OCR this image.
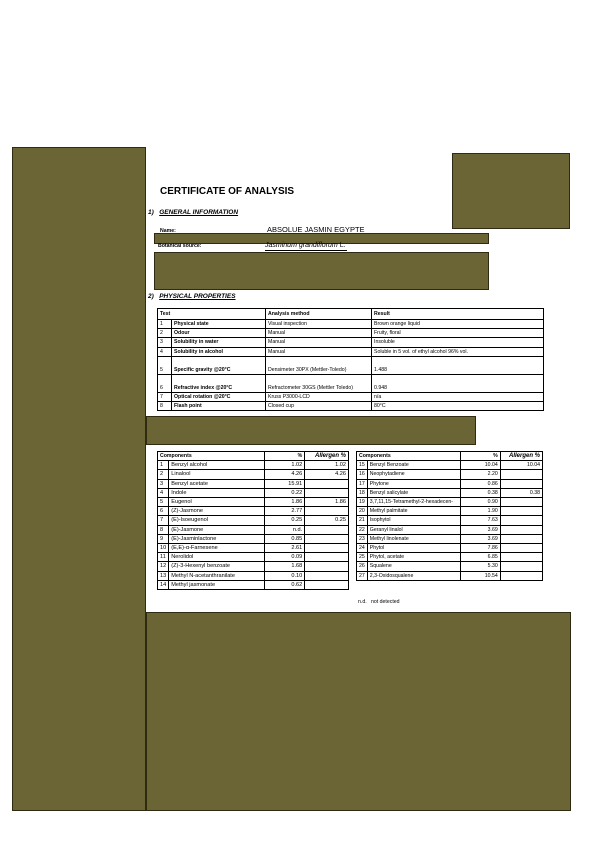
CERTIFICATE OF ANALYSIS
1) GENERAL INFORMATION
Name:	ABSOLUE JASMIN EGYPTE
Botanical source:	Jasminum grandiflorum L.
2) PHYSICAL PROPERTIES
Test		Analysis method	Result
1	Physical state	Visual inspection	Brown orange liquid
2	Odour	Manual	Fruity, floral
3	Solubility in water	Manual	Insoluble
4	Solubility in alcohol	Manual	Soluble in 5 vol. of ethyl alcohol 96% vol.
5	Specific gravity @20°C	Densimeter 30PX (Mettler-Toledo)	1.488
6	Refractive index @20°C	Refractometer 30GS (Mettler Toledo)	0.948
7	Optical rotation @20°C	Kruss P3000-LCD	n/a
8	Flash point	Closed cup	80°C
Components		%	Allergen %
1	Benzyl alcohol	1.02	1.02
2	Linalool	4.26	4.26
3	Benzyl acetate	15.91	
4	Indole	0.22	
5	Eugenol	1.86	1.86
6	(Z)-Jasmone	2.77	
7	(E)-Isoeugenol	0.25	0.25
8	(E)-Jasmone	n.d.	
9	(E)-Jasminlactone	0.85	
10	(E,E)-α-Farnesene	2.61	
11	Nerolidol	0.09	
12	(Z)-3-Hexenyl benzoate	1.68	
13	Methyl N-acetanthranilate	0.10	
14	Methyl jasmonate	0.62	
Components		%	Allergen %
15	Benzyl Benzoate	10.04	10.04
16	Neophytadiene	2.20	
17	Phytone	0.86	
18	Benzyl salicylate	0.38	0.38
19	3,7,11,15-Tetramethyl-2-hexadecen-	0.90	
20	Methyl palmitate	1.90	
21	Isophytol	7.63	
22	Geranyl linalol	3.69	
23	Methyl linolenate	3.69	
24	Phytol	7.86	
25	Phytol, acetate	6.85	
26	Squalene	5.30	
27	2,3-Oxidosqualene	10.54	
n.d. not detected
